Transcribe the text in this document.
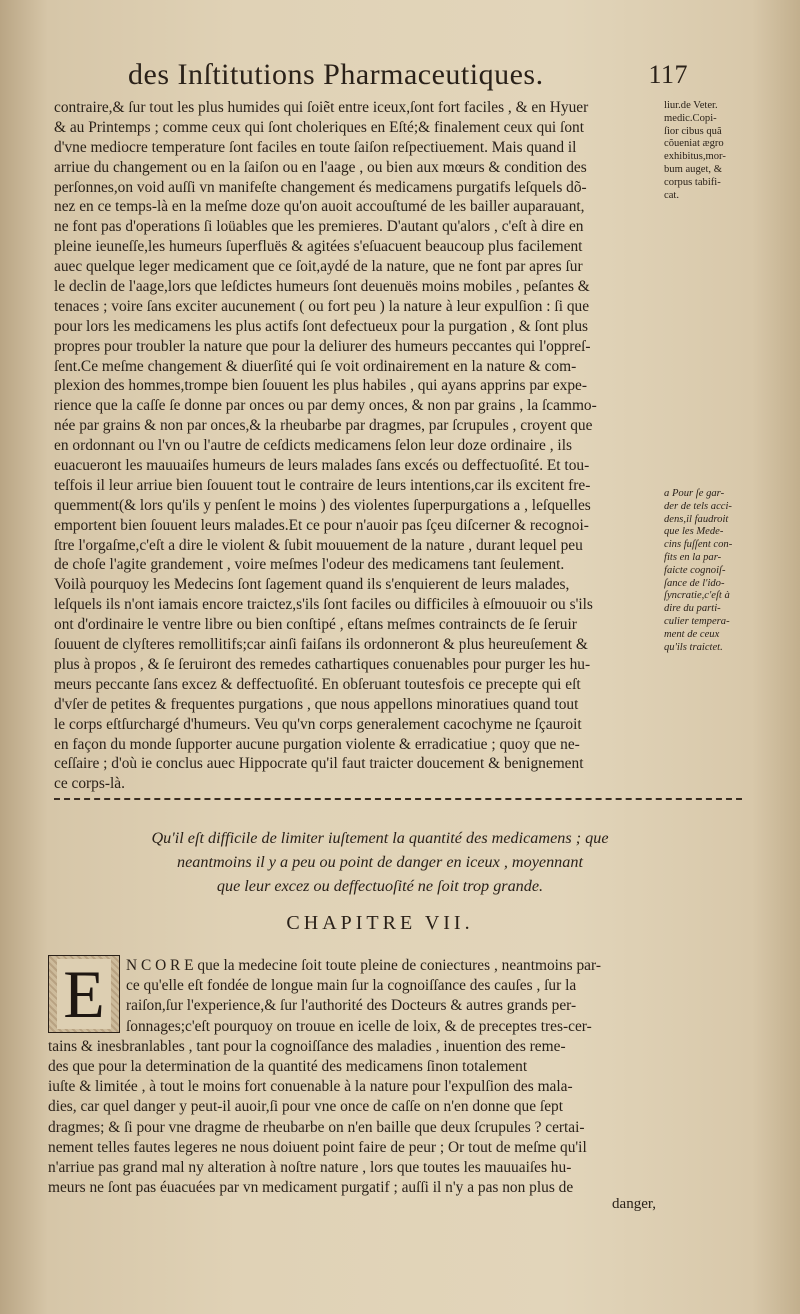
des Inſtitutions Pharmaceutiques.	117
contraire,& ſur tout les plus humides qui ſoiẽt entre iceux,ſont fort faciles , & en Hyuer
& au Printemps ; comme ceux qui ſont choleriques en Eſté;& finalement ceux qui ſont
d'vne mediocre temperature ſont faciles en toute ſaiſon reſpectiuement. Mais quand il
arriue du changement ou en la ſaiſon ou en l'aage , ou bien aux mœurs & condition des
perſonnes,on void auſſi vn manifeſte changement és medicamens purgatifs leſquels dõ-
nez en ce temps-là en la meſme doze qu'on auoit accouſtumé de les bailler auparauant,
ne font pas d'operations ſi loüables que les premieres. D'autant qu'alors , c'eſt à dire en
pleine ieuneſſe,les humeurs ſuperfluës & agitées s'eſuacuent beaucoup plus facilement
auec quelque leger medicament que ce ſoit,aydé de la nature, que ne font par apres ſur
le declin de l'aage,lors que leſdictes humeurs ſont deuenuës moins mobiles , peſantes &
tenaces ; voire ſans exciter aucunement ( ou fort peu ) la nature à leur expulſion : ſi que
pour lors les medicamens les plus actifs ſont defectueux pour la purgation , & ſont plus
propres pour troubler la nature que pour la deliurer des humeurs peccantes qui l'oppreſ-
ſent.Ce meſme changement & diuerſité qui ſe voit ordinairement en la nature & com-
plexion des hommes,trompe bien ſouuent les plus habiles , qui ayans apprins par expe-
rience que la caſſe ſe donne par onces ou par demy onces, & non par grains , la ſcammo-
née par grains & non par onces,& la rheubarbe par dragmes, par ſcrupules , croyent que
en ordonnant ou l'vn ou l'autre de ceſdicts medicamens ſelon leur doze ordinaire , ils
euacueront les mauuaiſes humeurs de leurs malades ſans excés ou deffectuoſité. Et tou-
teſfois il leur arriue bien ſouuent tout le contraire de leurs intentions,car ils excitent fre-
quemment(& lors qu'ils y penſent le moins ) des violentes ſuperpurgations a , leſquelles
emportent bien ſouuent leurs malades.Et ce pour n'auoir pas ſçeu diſcerner & recognoi-
ſtre l'orgaſme,c'eſt a dire le violent & ſubit mouuement de la nature , durant lequel peu
de choſe l'agite grandement , voire meſmes l'odeur des medicamens tant ſeulement.
Voilà pourquoy les Medecins ſont ſagement quand ils s'enquierent de leurs malades,
leſquels ils n'ont iamais encore traictez,s'ils ſont faciles ou difficiles à eſmouuoir ou s'ils
ont d'ordinaire le ventre libre ou bien conſtipé , eſtans meſmes contraincts de ſe ſeruir
ſouuent de clyſteres remollitifs;car ainſi faiſans ils ordonneront & plus heureuſement &
plus à propos , & ſe ſeruiront des remedes cathartiques conuenables pour purger les hu-
meurs peccante ſans excez & deffectuoſité. En obſeruant toutesfois ce precepte qui eſt
d'vſer de petites & frequentes purgations , que nous appellons minoratiues quand tout
le corps eſtſurchargé d'humeurs. Veu qu'vn corps generalement cacochyme ne ſçauroit
en façon du monde ſupporter aucune purgation violente & erradicatiue ; quoy que ne-
ceſſaire ; d'où ie conclus auec Hippocrate qu'il faut traicter doucement & benignement
ce corps-là.
liur.de Veter.
medic.Copi-
ſior cibus quã
cõueniat ægro
exhibitus,mor-
bum auget, &
corpus tabifi-
cat.
a Pour ſe gar-
der de tels acci-
dens,il faudroit
que les Mede-
cins fuſſent con-
fits en la par-
faicte cognoiſ-
ſance de l'ido-
ſyncratie,c'eſt à
dire du parti-
culier tempera-
ment de ceux
qu'ils traictet.
Qu'il eſt difficile de limiter iuſtement la quantité des medicamens ; que
neantmoins il y a peu ou point de danger en iceux , moyennant
que leur excez ou deffectuoſité ne ſoit trop grande.
CHAPITRE VII.
N C O R E que la medecine ſoit toute pleine de coniectures , neantmoins par-
ce qu'elle eſt fondée de longue main ſur la cognoiſſance des cauſes , ſur la
raiſon,ſur l'experience,& ſur l'authorité des Docteurs & autres grands per-
ſonnages;c'eſt pourquoy on trouue en icelle de loix, & de preceptes tres-cer-
tains & inesbranlables , tant pour la cognoiſſance des maladies , inuention des reme-
des que pour la determination de la quantité des medicamens ſinon totalement
iuſte & limitée , à tout le moins fort conuenable à la nature pour l'expulſion des mala-
dies, car quel danger y peut-il auoir,ſi pour vne once de caſſe on n'en donne que ſept
dragmes; & ſi pour vne dragme de rheubarbe on n'en baille que deux ſcrupules ? certai-
nement telles fautes legeres ne nous doiuent point faire de peur ; Or tout de meſme qu'il
n'arriue pas grand mal ny alteration à noſtre nature , lors que toutes les mauuaiſes hu-
meurs ne ſont pas éuacuées par vn medicament purgatif ; auſſi il n'y a pas non plus de
E
danger,
